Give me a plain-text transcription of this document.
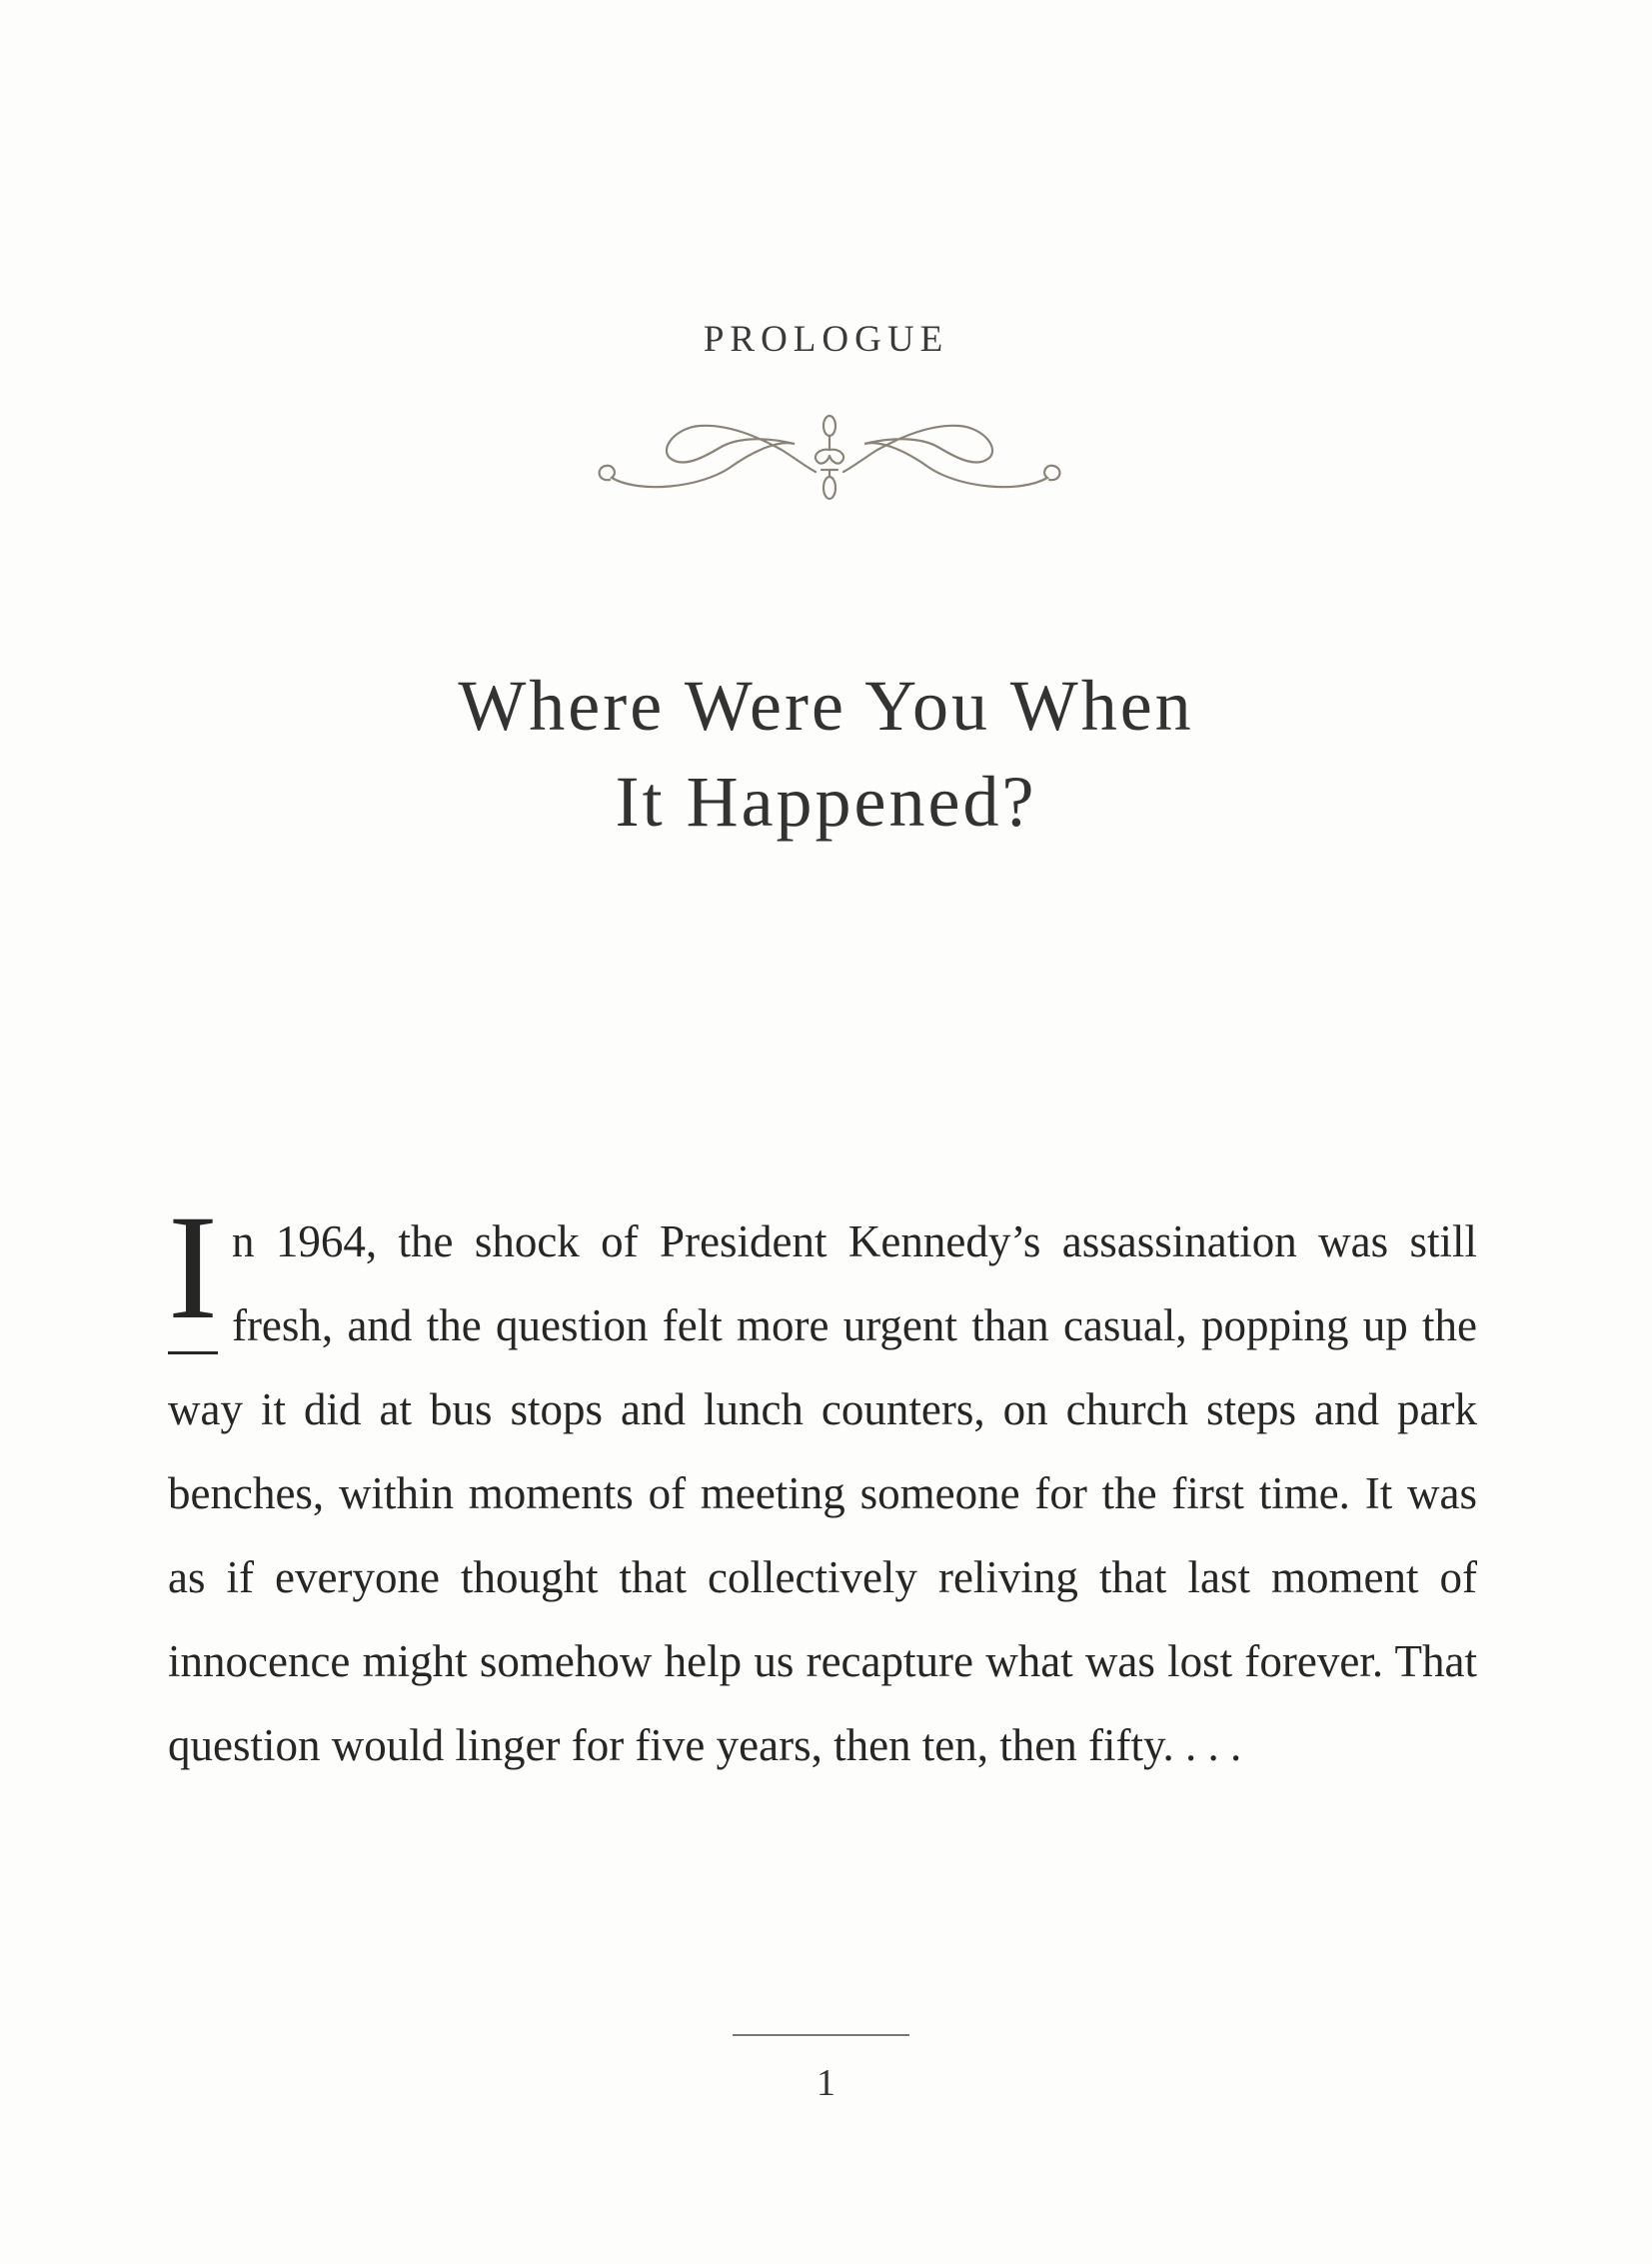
PROLOGUE
Where Were You When
It Happened?
I n 1964, the shock of President Kennedy’s assassination was still fresh, and the question felt more urgent than casual, popping up the way it did at bus stops and lunch counters, on church steps and park benches, within moments of meeting someone for the first time. It was as if everyone thought that collectively reliving that last moment of innocence might somehow help us recapture what was lost forever. That question would linger for five years, then ten, then fifty. . . .
1
